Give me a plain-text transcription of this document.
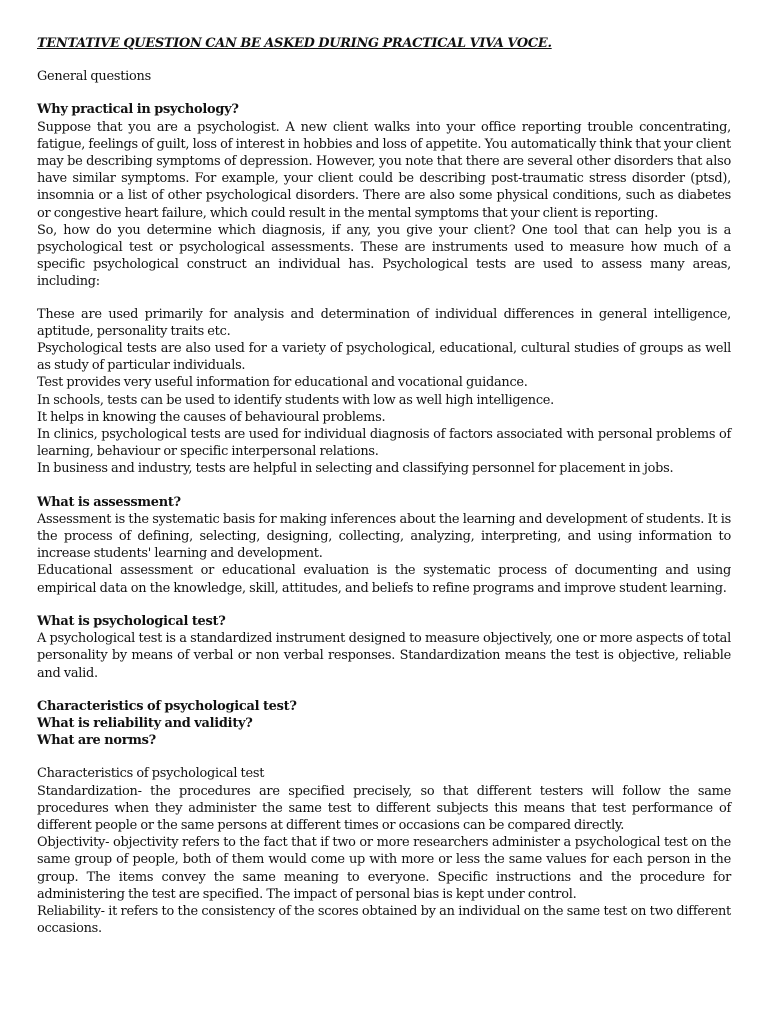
TENTATIVE QUESTION CAN BE ASKED DURING PRACTICAL VIVA VOCE.
General questions
Why practical in psychology?

Suppose that you are a psychologist. A new client walks into your office reporting trouble concentrating, fatigue, feelings of guilt, loss of interest in hobbies and loss of appetite. You automatically think that your client may be describing symptoms of depression. However, you note that there are several other disorders that also have similar symptoms. For example, your client could be describing post-traumatic stress disorder (ptsd), insomnia or a list of other psychological disorders. There are also some physical conditions, such as diabetes or congestive heart failure, which could result in the mental symptoms that your client is reporting.

So, how do you determine which diagnosis, if any, you give your client? One tool that can help you is a psychological test or psychological assessments. These are instruments used to measure how much of a specific psychological construct an individual has. Psychological tests are used to assess many areas, including:

These are used primarily for analysis and determination of individual differences in general intelligence, aptitude, personality traits etc.

Psychological tests are also used for a variety of psychological, educational, cultural studies of groups as well as study of particular individuals.

Test provides very useful information for educational and vocational guidance.

In schools, tests can be used to identify students with low as well high intelligence.

It helps in knowing the causes of behavioural problems.

In clinics, psychological tests are used for individual diagnosis of factors associated with personal problems of learning, behaviour or specific interpersonal relations.

In business and industry, tests are helpful in selecting and classifying personnel for placement in jobs.

What is assessment?

Assessment is the systematic basis for making inferences about the learning and development of students. It is the process of defining, selecting, designing, collecting, analyzing, interpreting, and using information to increase students' learning and development.

Educational assessment or educational evaluation is the systematic process of documenting and using empirical data on the knowledge, skill, attitudes, and beliefs to refine programs and improve student learning.

What is psychological test?

A psychological test is a standardized instrument designed to measure objectively, one or more aspects of total personality by means of verbal or non verbal responses. Standardization means the test is objective, reliable and valid.

Characteristics of psychological test?
What is reliability and validity?
What are norms?
Characteristics of psychological test

Standardization- the procedures are specified precisely, so that different testers will follow the same procedures when they administer the same test to different subjects this means that test performance of different people or the same persons at different times or occasions can be compared directly.

Objectivity- objectivity refers to the fact that if two or more researchers administer a psychological test on the same group of people, both of them would come up with more or less the same values for each person in the group. The items convey the same meaning to everyone. Specific instructions and the procedure for administering the test are specified. The impact of personal bias is kept under control.

Reliability- it refers to the consistency of the scores obtained by an individual on the same test on two different occasions.
